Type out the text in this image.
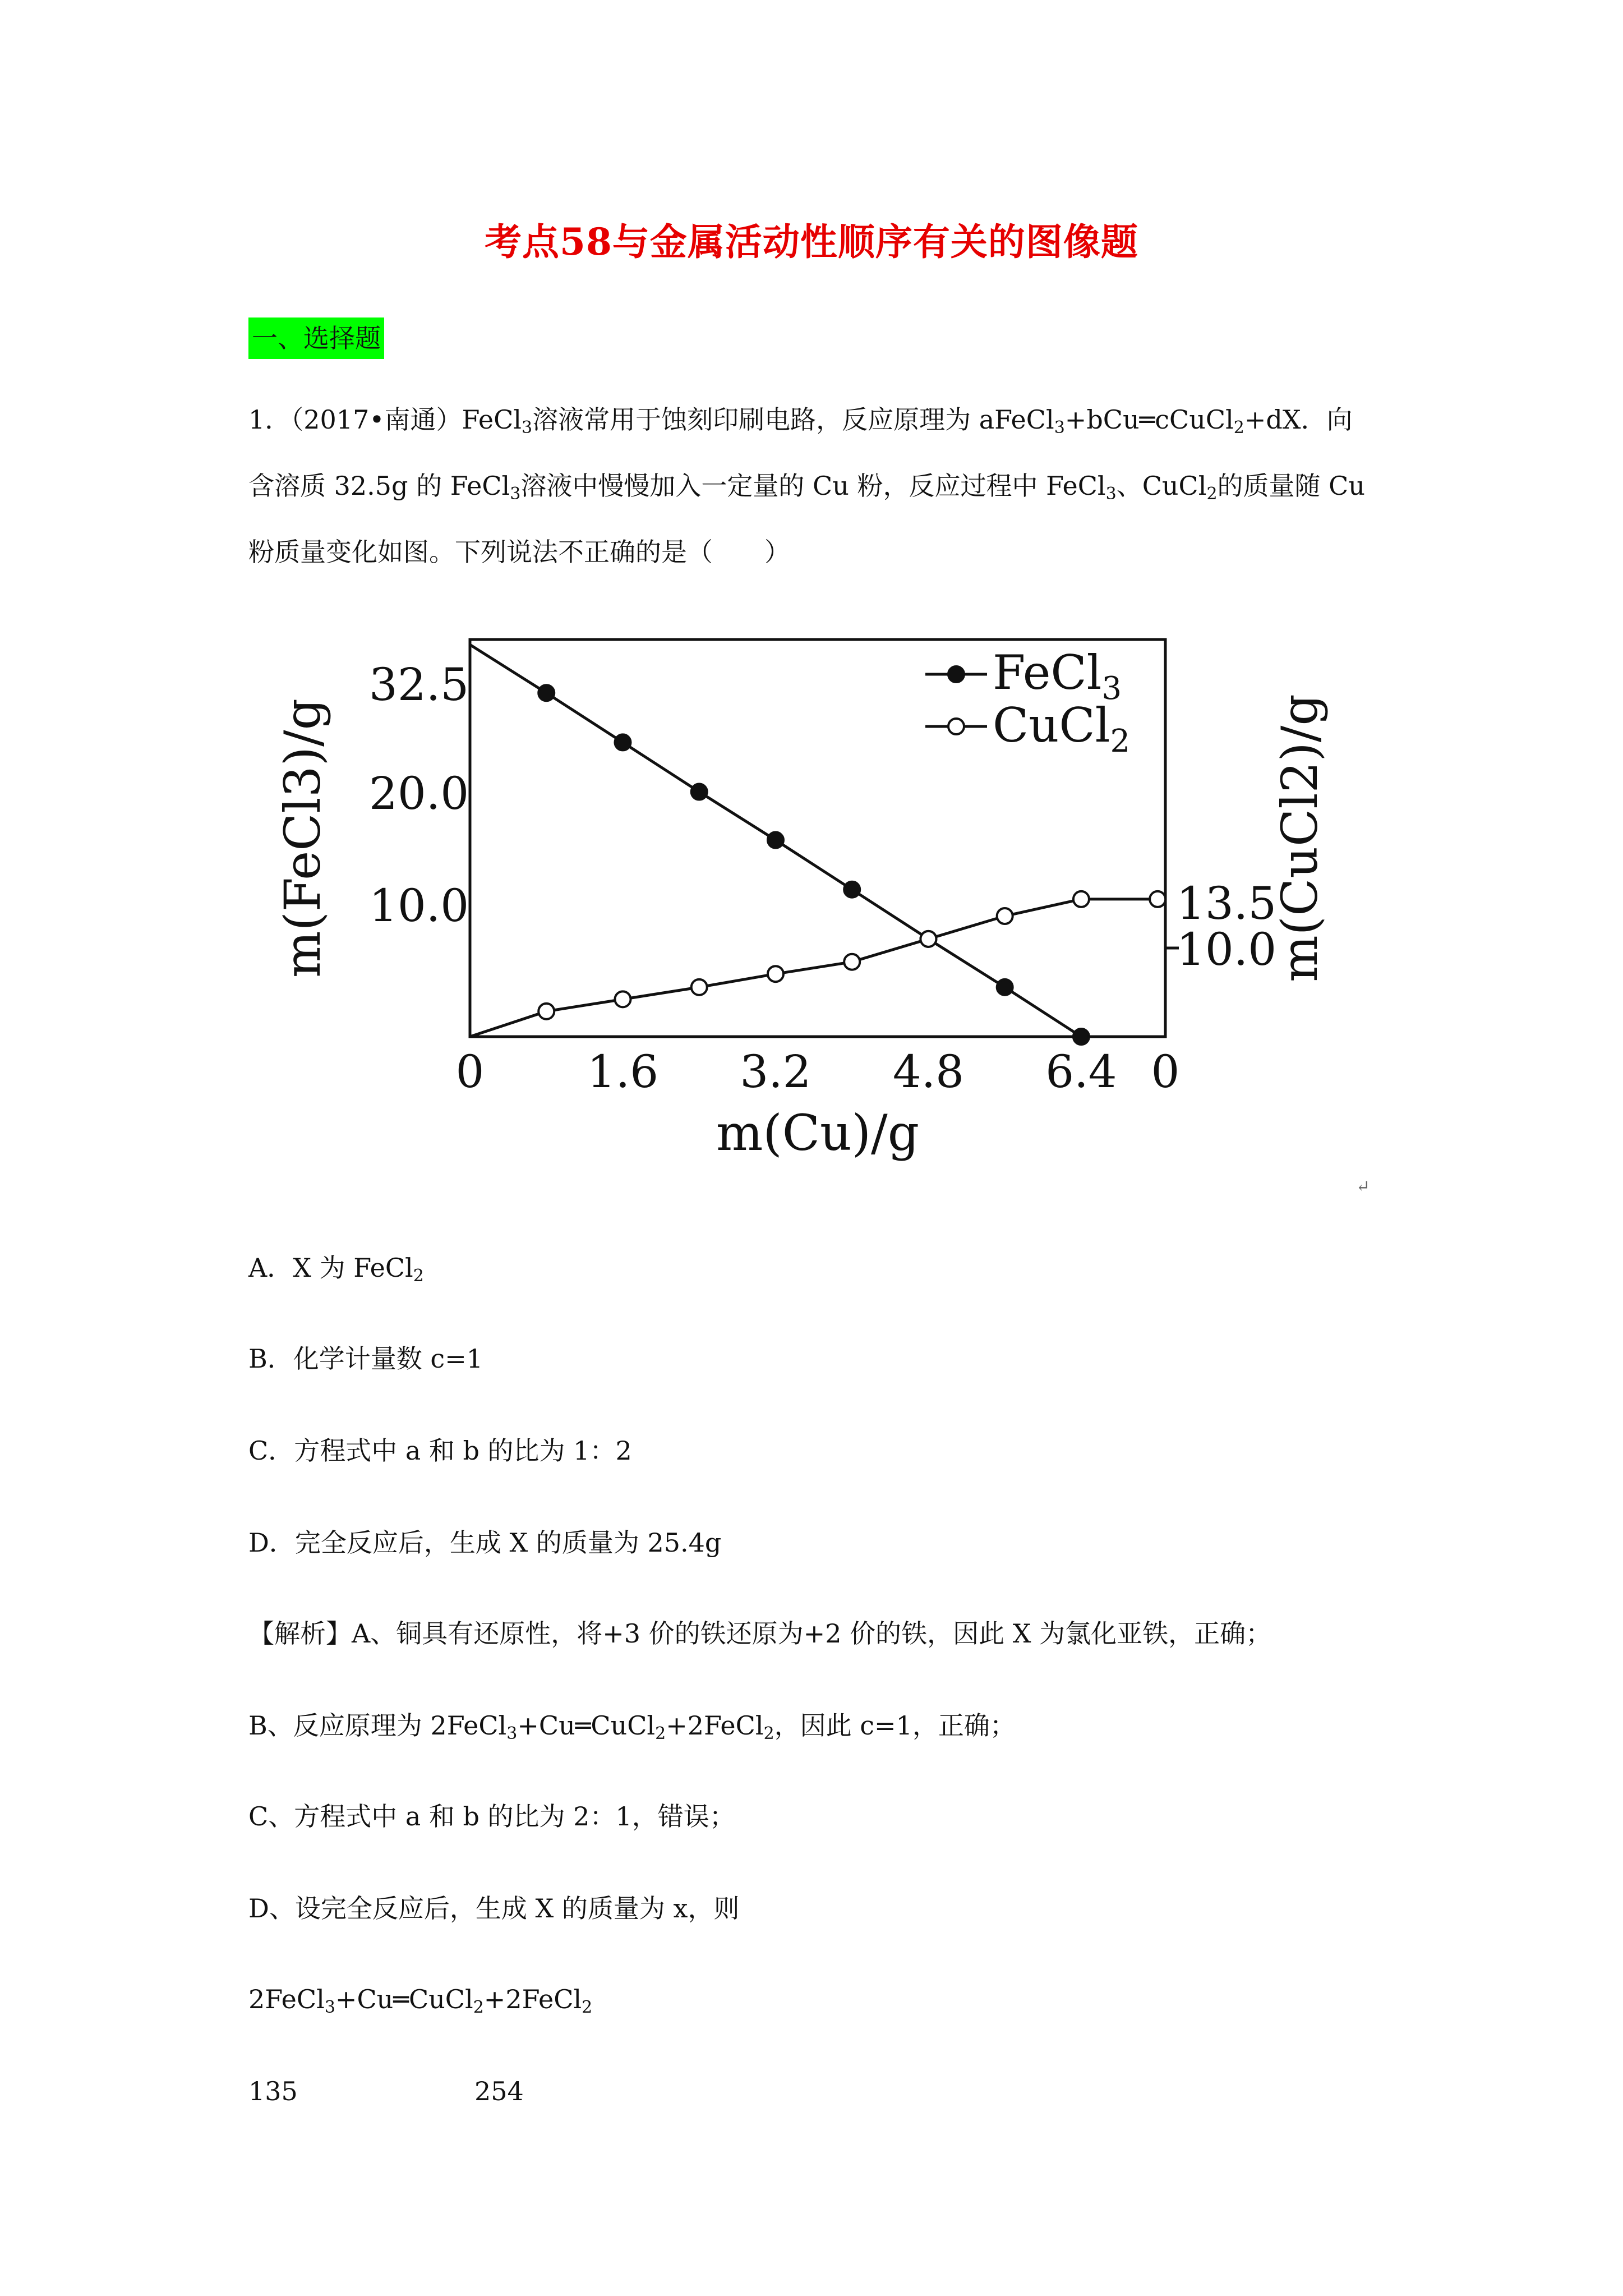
考点58与金属活动性顺序有关的图像题
一、选择题
1．（2017•南通）FeCl$_3$溶液常用于蚀刻印刷电路，反应原理为 aFeCl$_3$+bCu═cCuCl$_2$+dX．向
含溶质 32.5g 的 FeCl$_3$溶液中慢慢加入一定量的 Cu 粉，反应过程中 FeCl$_3$、CuCl$_2$的质量随 Cu
粉质量变化如图。下列说法不正确的是（　　）
0 1.6 3.2 4.8 6.4 0
32.5
20.0
10.0	13.5
10.0
m(Cu)/g
m(FeCl3)/g	m(CuCl2)/g
FeCl$_3$
CuCl$_2$
↵
A．X 为 FeCl$_2$
B．化学计量数 c=1
C．方程式中 a 和 b 的比为 1：2
D．完全反应后，生成 X 的质量为 25.4g
【解析】A、铜具有还原性，将+3 价的铁还原为+2 价的铁，因此 X 为氯化亚铁，正确；
B、反应原理为 2FeCl$_3$+Cu═CuCl$_2$+2FeCl$_2$，因此 c=1，正确；
C、方程式中 a 和 b 的比为 2：1，错误；
D、设完全反应后，生成 X 的质量为 x，则
2FeCl$_3$+Cu═CuCl$_2$+2FeCl$_2$
135	254
